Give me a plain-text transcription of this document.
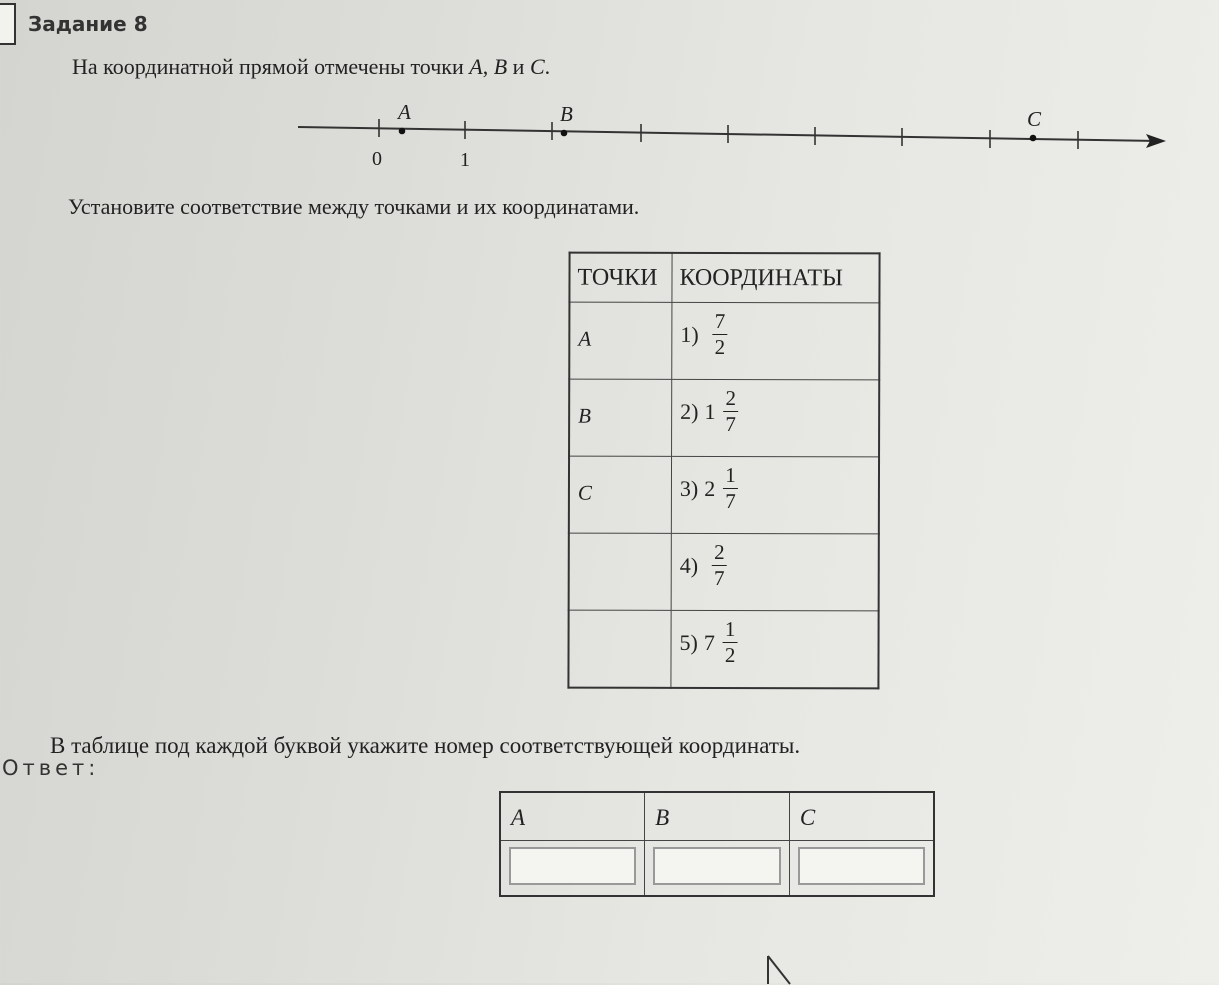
Задание 8
На координатной прямой отмечены точки A, B и C.
A	B	C
0	1
Установите соответствие между точками и их координатами.
ТОЧКИ	КООРДИНАТЫ
A	$1) \frac{7}{2}$

B	2) $1 \frac{2}{7}$

C	3) $2 \frac{1}{7}$

	$4) \frac{2}{7}$

	5) $7 \frac{1}{2}$
В таблице под каждой буквой укажите номер соответствующей координаты.
Ответ:
A	B	C
